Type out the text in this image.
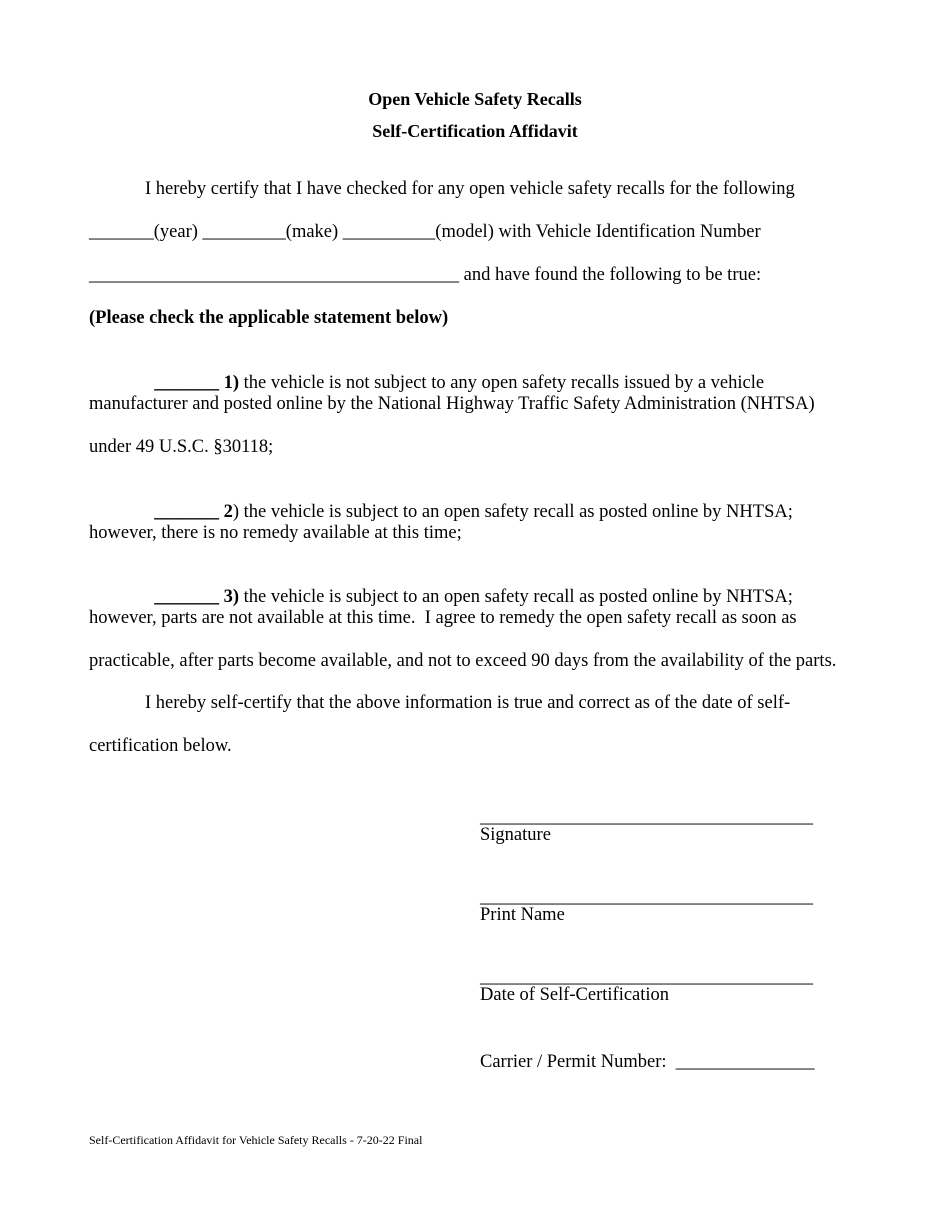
Open Vehicle Safety Recalls
Self-Certification Affidavit
I hereby certify that I have checked for any open vehicle safety recalls for the following
_______(year) _________(make) __________(model) with Vehicle Identification Number
________________________________________ and have found the following to be true:
(Please check the applicable statement below)

_______ 1) the vehicle is not subject to any open safety recalls issued by a vehicle

manufacturer and posted online by the National Highway Traffic Safety Administration (NHTSA)
under 49 U.S.C. §30118;

_______ 2) the vehicle is subject to an open safety recall as posted online by NHTSA;

however, there is no remedy available at this time;

_______ 3) the vehicle is subject to an open safety recall as posted online by NHTSA;

however, parts are not available at this time.  I agree to remedy the open safety recall as soon as
practicable, after parts become available, and not to exceed 90 days from the availability of the parts.
I hereby self-certify that the above information is true and correct as of the date of self-
certification below.
____________________________________
Signature
____________________________________
Print Name
____________________________________
Date of Self-Certification
Carrier / Permit Number:  _______________
Self-Certification Affidavit for Vehicle Safety Recalls - 7-20-22 Final
